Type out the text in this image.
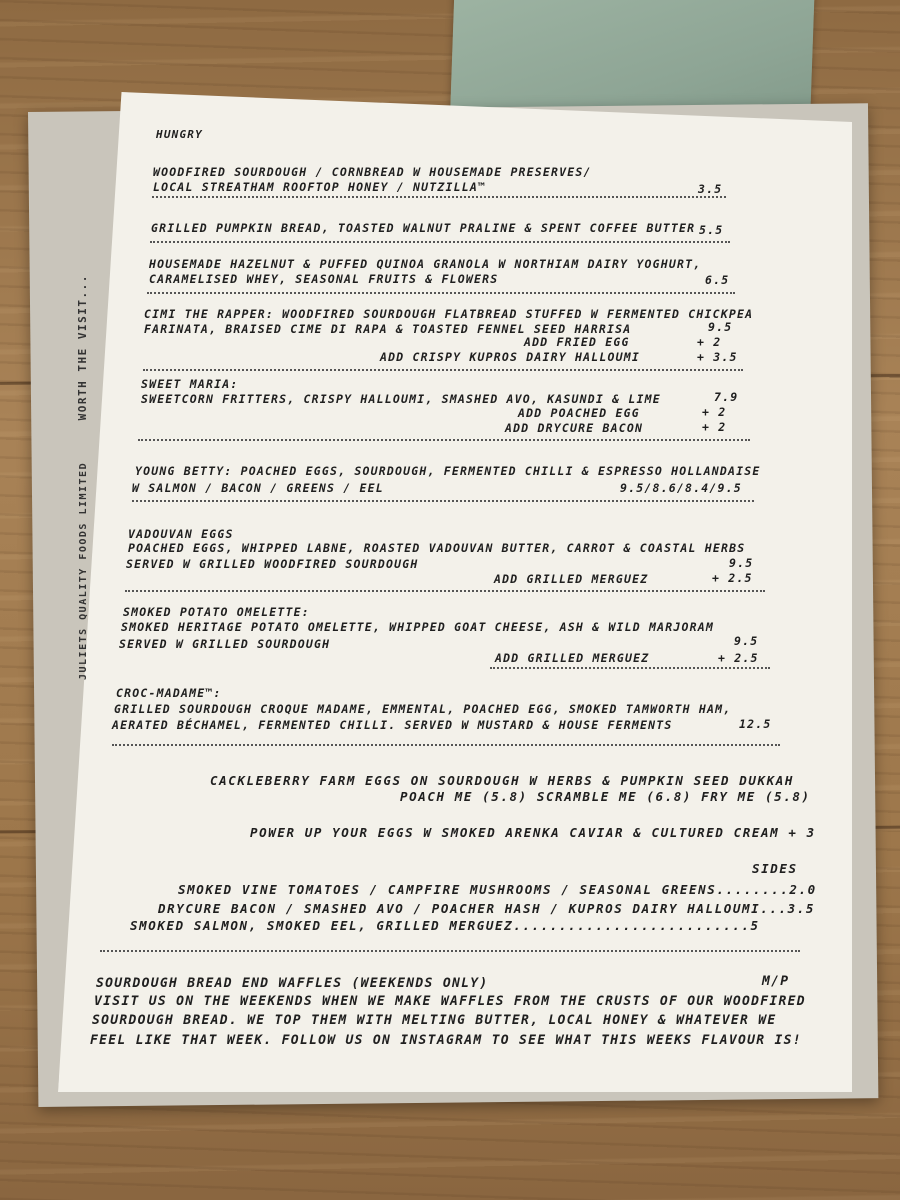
JULIETS QUALITY FOODS LIMITED WORTH THE VISIT...
HUNGRY
WOODFIRED SOURDOUGH / CORNBREAD W HOUSEMADE PRESERVES/
LOCAL STREATHAM ROOFTOP HONEY / NUTZILLA™	3.5
GRILLED PUMPKIN BREAD, TOASTED WALNUT PRALINE & SPENT COFFEE BUTTER 5.5
HOUSEMADE HAZELNUT & PUFFED QUINOA GRANOLA W NORTHIAM DAIRY YOGHURT,
CARAMELISED WHEY, SEASONAL FRUITS & FLOWERS	6.5
CIMI THE RAPPER: WOODFIRED SOURDOUGH FLATBREAD STUFFED W FERMENTED CHICKPEA
FARINATA, BRAISED CIME DI RAPA & TOASTED FENNEL SEED HARRISA	9.5
ADD FRIED EGG	+ 2
ADD CRISPY KUPROS DAIRY HALLOUMI	+ 3.5
SWEET MARIA:
SWEETCORN FRITTERS, CRISPY HALLOUMI, SMASHED AVO, KASUNDI & LIME	7.9
ADD POACHED EGG	+ 2
ADD DRYCURE BACON	+ 2
YOUNG BETTY: POACHED EGGS, SOURDOUGH, FERMENTED CHILLI & ESPRESSO HOLLANDAISE
W SALMON / BACON / GREENS / EEL	9.5/8.6/8.4/9.5
VADOUVAN EGGS
POACHED EGGS, WHIPPED LABNE, ROASTED VADOUVAN BUTTER, CARROT & COASTAL HERBS
SERVED W GRILLED WOODFIRED SOURDOUGH	9.5
ADD GRILLED MERGUEZ	+ 2.5
SMOKED POTATO OMELETTE:
SMOKED HERITAGE POTATO OMELETTE, WHIPPED GOAT CHEESE, ASH & WILD MARJORAM
SERVED W GRILLED SOURDOUGH	9.5
ADD GRILLED MERGUEZ	+ 2.5
CROC-MADAME™:
GRILLED SOURDOUGH CROQUE MADAME, EMMENTAL, POACHED EGG, SMOKED TAMWORTH HAM,
AERATED BÉCHAMEL, FERMENTED CHILLI. SERVED W MUSTARD & HOUSE FERMENTS	12.5
CACKLEBERRY FARM EGGS ON SOURDOUGH W HERBS & PUMPKIN SEED DUKKAH
POACH ME (5.8) SCRAMBLE ME (6.8) FRY ME (5.8)
POWER UP YOUR EGGS W SMOKED ARENKA CAVIAR & CULTURED CREAM + 3
SIDES
SMOKED VINE TOMATOES / CAMPFIRE MUSHROOMS / SEASONAL GREENS........2.0
DRYCURE BACON / SMASHED AVO / POACHER HASH / KUPROS DAIRY HALLOUMI...3.5
SMOKED SALMON, SMOKED EEL, GRILLED MERGUEZ..........................5
SOURDOUGH BREAD END WAFFLES (WEEKENDS ONLY)	M/P
VISIT US ON THE WEEKENDS WHEN WE MAKE WAFFLES FROM THE CRUSTS OF OUR WOODFIRED
SOURDOUGH BREAD. WE TOP THEM WITH MELTING BUTTER, LOCAL HONEY & WHATEVER WE
FEEL LIKE THAT WEEK. FOLLOW US ON INSTAGRAM TO SEE WHAT THIS WEEKS FLAVOUR IS!
